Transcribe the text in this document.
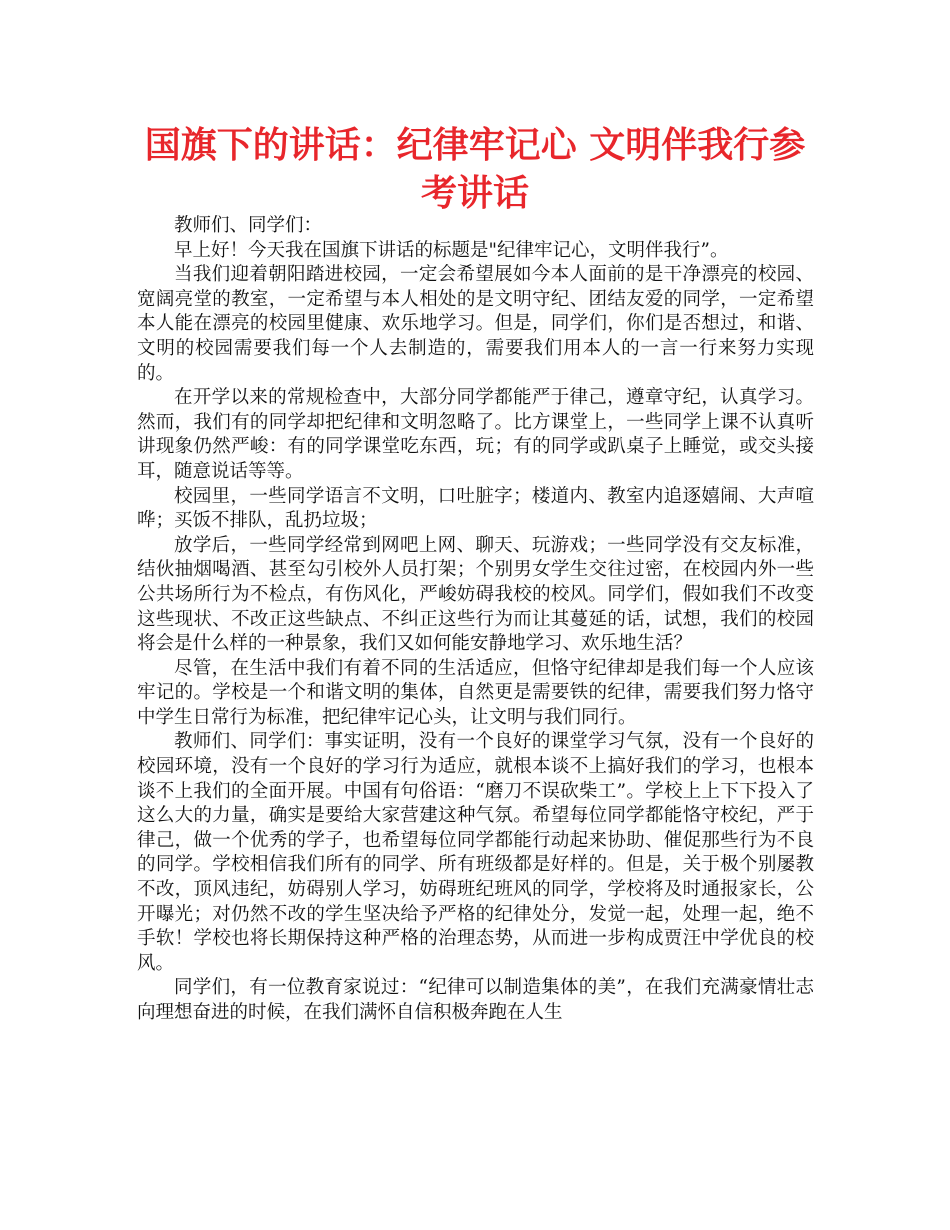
国旗下的讲话：纪律牢记心 文明伴我行参考讲话

教师们、同学们：

早上好！今天我在国旗下讲话的标题是"纪律牢记心，文明伴我行”。

当我们迎着朝阳踏进校园，一定会希望展如今本人面前的是干净漂亮的校园、宽阔亮堂的教室，一定希望与本人相处的是文明守纪、团结友爱的同学，一定希望本人能在漂亮的校园里健康、欢乐地学习。但是，同学们，你们是否想过，和谐、文明的校园需要我们每一个人去制造的，需要我们用本人的一言一行来努力实现的。

在开学以来的常规检查中，大部分同学都能严于律己，遵章守纪，认真学习。然而，我们有的同学却把纪律和文明忽略了。比方课堂上，一些同学上课不认真听讲现象仍然严峻：有的同学课堂吃东西，玩；有的同学或趴桌子上睡觉，或交头接耳，随意说话等等。

校园里，一些同学语言不文明，口吐脏字；楼道内、教室内追逐嬉闹、大声喧哗；买饭不排队，乱扔垃圾；

放学后，一些同学经常到网吧上网、聊天、玩游戏；一些同学没有交友标准，结伙抽烟喝酒、甚至勾引校外人员打架；个别男女学生交往过密，在校园内外一些公共场所行为不检点，有伤风化，严峻妨碍我校的校风。同学们，假如我们不改变这些现状、不改正这些缺点、不纠正这些行为而让其蔓延的话，试想，我们的校园将会是什么样的一种景象，我们又如何能安静地学习、欢乐地生活？

尽管，在生活中我们有着不同的生活适应，但恪守纪律却是我们每一个人应该牢记的。学校是一个和谐文明的集体，自然更是需要铁的纪律，需要我们努力恪守中学生日常行为标准，把纪律牢记心头，让文明与我们同行。

教师们、同学们：事实证明，没有一个良好的课堂学习气氛，没有一个良好的校园环境，没有一个良好的学习行为适应，就根本谈不上搞好我们的学习，也根本谈不上我们的全面开展。中国有句俗语：“磨刀不误砍柴工”。学校上上下下投入了这么大的力量，确实是要给大家营建这种气氛。希望每位同学都能恪守校纪，严于律己，做一个优秀的学子，也希望每位同学都能行动起来协助、催促那些行为不良的同学。学校相信我们所有的同学、所有班级都是好样的。但是，关于极个别屡教不改，顶风违纪，妨碍别人学习，妨碍班纪班风的同学，学校将及时通报家长，公开曝光；对仍然不改的学生坚决给予严格的纪律处分，发觉一起，处理一起，绝不手软！学校也将长期保持这种严格的治理态势，从而进一步构成贾汪中学优良的校风。

同学们，有一位教育家说过：“纪律可以制造集体的美”，在我们充满豪情壮志向理想奋进的时候，在我们满怀自信积极奔跑在人生
